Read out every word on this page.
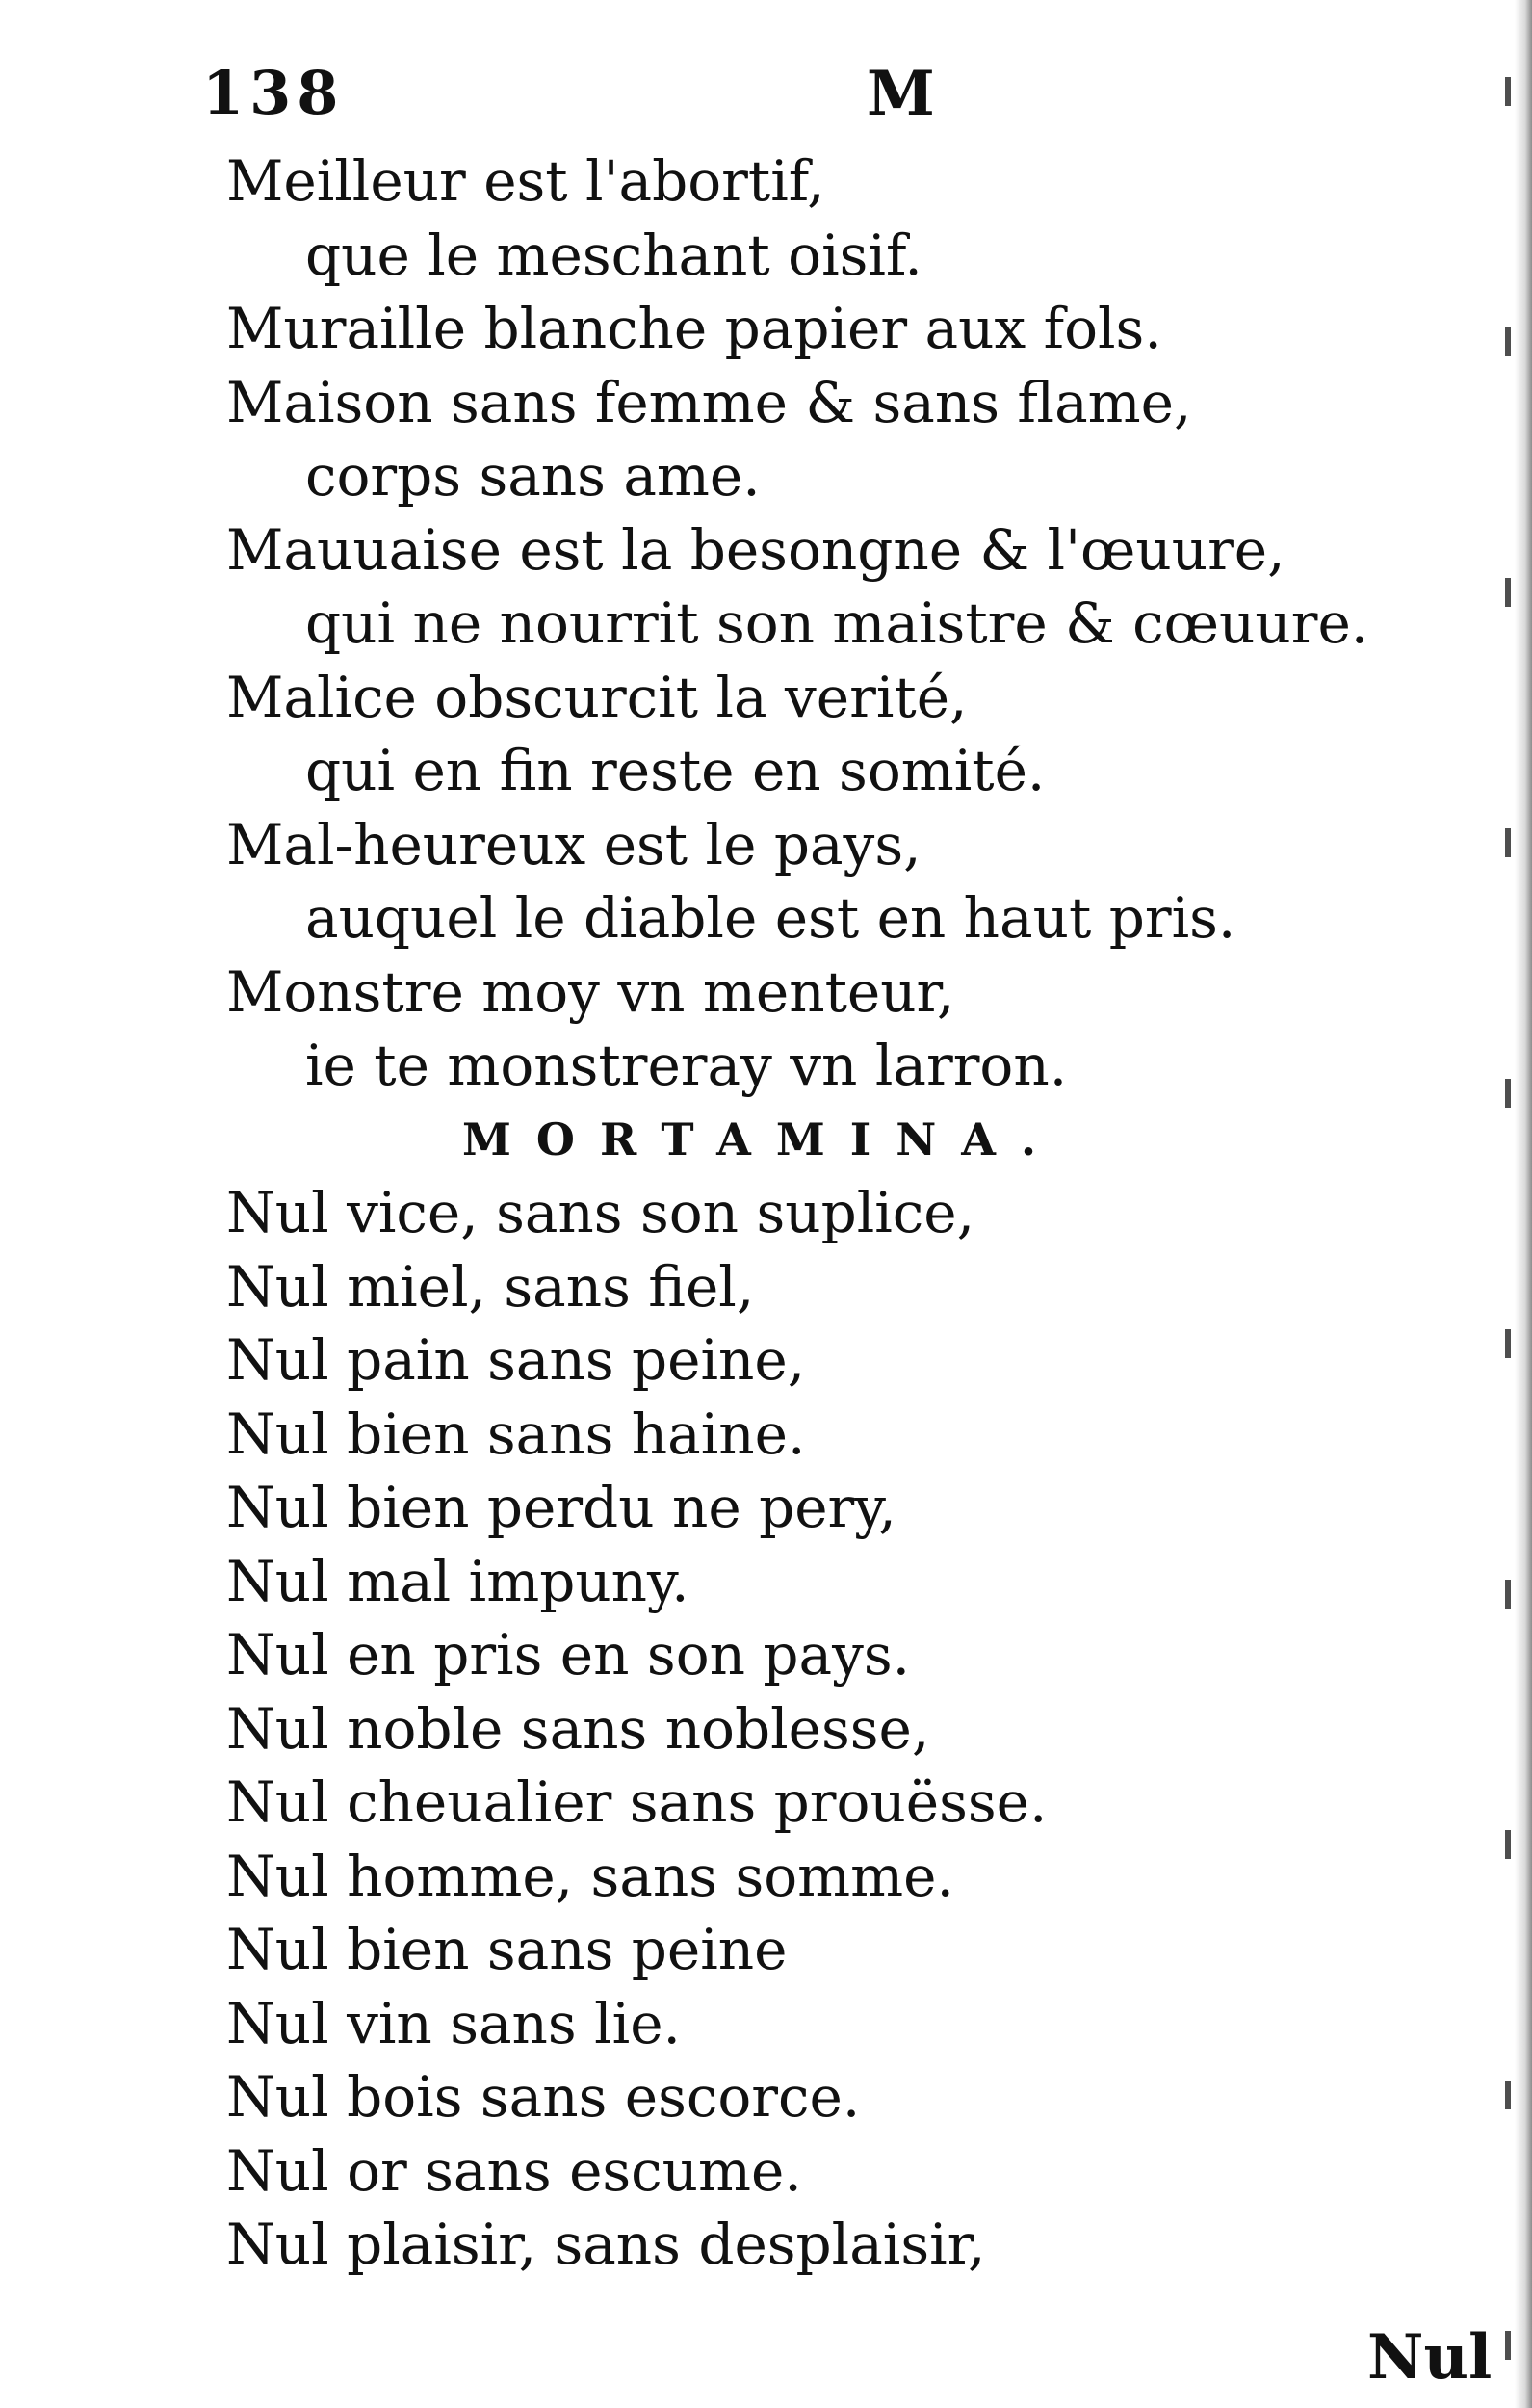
138	M
Meilleur est l'abortif,
que le meschant oisif.
Muraille blanche papier aux fols.
Maison sans femme & sans flame,
corps sans ame.
Mauuaise est la besongne & l'œuure,
qui ne nourrit son maistre & cœuure.
Malice obscurcit la verité,
qui en fin reste en somité.
Mal-heureux est le pays,
auquel le diable est en haut pris.
Monstre moy vn menteur,
ie te monstreray vn larron.
MORTAMINA.
Nul vice, sans son suplice,
Nul miel, sans fiel,
Nul pain sans peine,
Nul bien sans haine.
Nul bien perdu ne pery,
Nul mal impuny.
Nul en pris en son pays.
Nul noble sans noblesse,
Nul cheualier sans prouësse.
Nul homme, sans somme.
Nul bien sans peine
Nul vin sans lie.
Nul bois sans escorce.
Nul or sans escume.
Nul plaisir, sans desplaisir,
Nul
